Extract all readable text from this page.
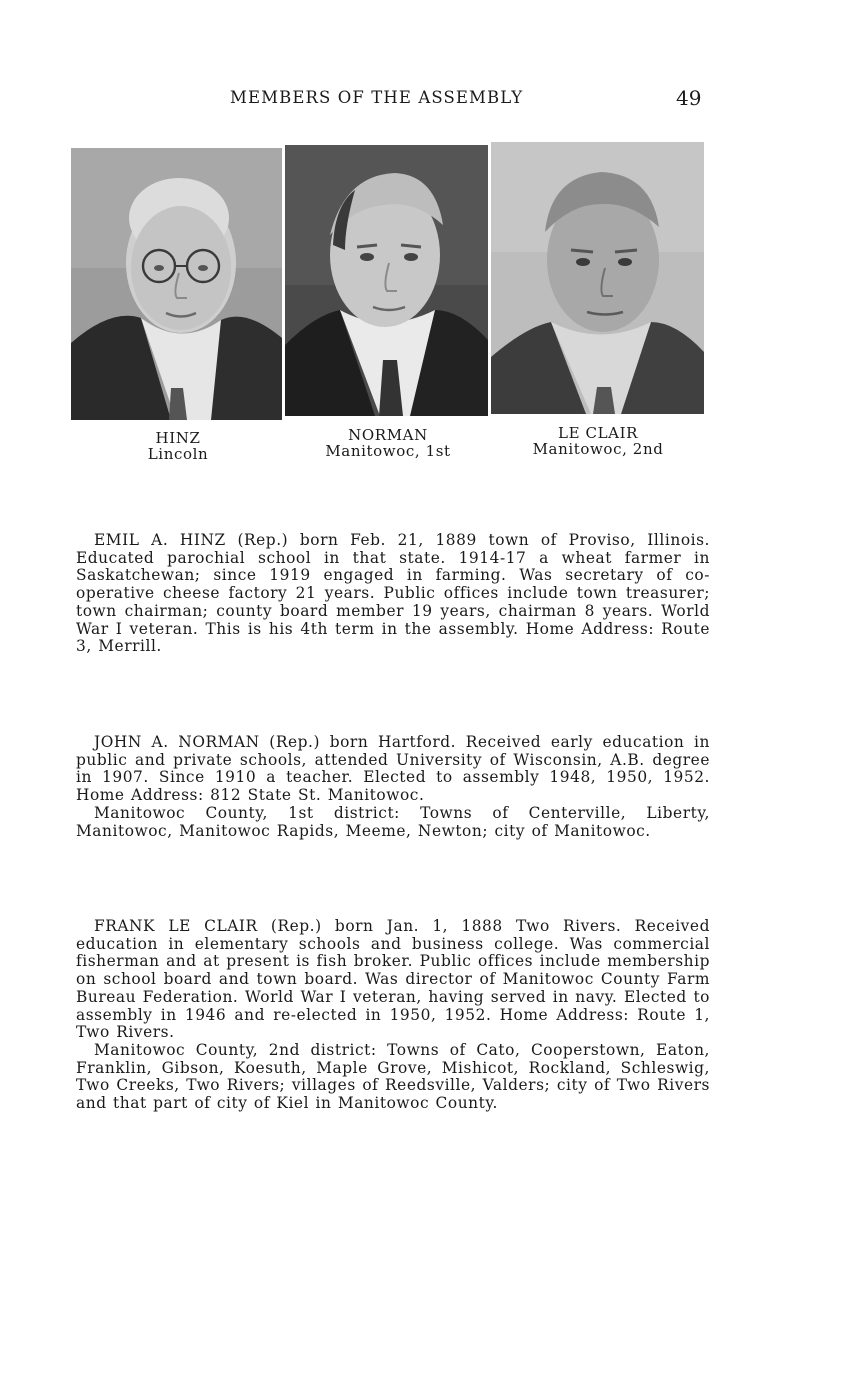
MEMBERS OF THE ASSEMBLY	49
HINZ
Lincoln
NORMAN
Manitowoc, 1st
LE CLAIR
Manitowoc, 2nd

EMIL A. HINZ (Rep.) born Feb. 21, 1889 town of Proviso, Illinois. Educated parochial school in that state. 1914-17 a wheat farmer in Saskatchewan; since 1919 engaged in farming. Was secretary of co-operative cheese factory 21 years. Public offices include town treasurer; town chairman; county board member 19 years, chairman 8 years. World War I veteran. This is his 4th term in the assembly. Home Address: Route 3, Merrill.

JOHN A. NORMAN (Rep.) born Hartford. Received early education in public and private schools, attended University of Wisconsin, A.B. degree in 1907. Since 1910 a teacher. Elected to assembly 1948, 1950, 1952. Home Address: 812 State St. Manitowoc.

Manitowoc County, 1st district: Towns of Centerville, Liberty, Manitowoc, Manitowoc Rapids, Meeme, Newton; city of Manitowoc.

FRANK LE CLAIR (Rep.) born Jan. 1, 1888 Two Rivers. Received education in elementary schools and business college. Was commercial fisherman and at present is fish broker. Public offices include membership on school board and town board. Was director of Manitowoc County Farm Bureau Federation. World War I veteran, having served in navy. Elected to assembly in 1946 and re-elected in 1950, 1952. Home Address: Route 1, Two Rivers.

Manitowoc County, 2nd district: Towns of Cato, Cooperstown, Eaton, Franklin, Gibson, Koesuth, Maple Grove, Mishicot, Rockland, Schleswig, Two Creeks, Two Rivers; villages of Reedsville, Valders; city of Two Rivers and that part of city of Kiel in Manitowoc County.
